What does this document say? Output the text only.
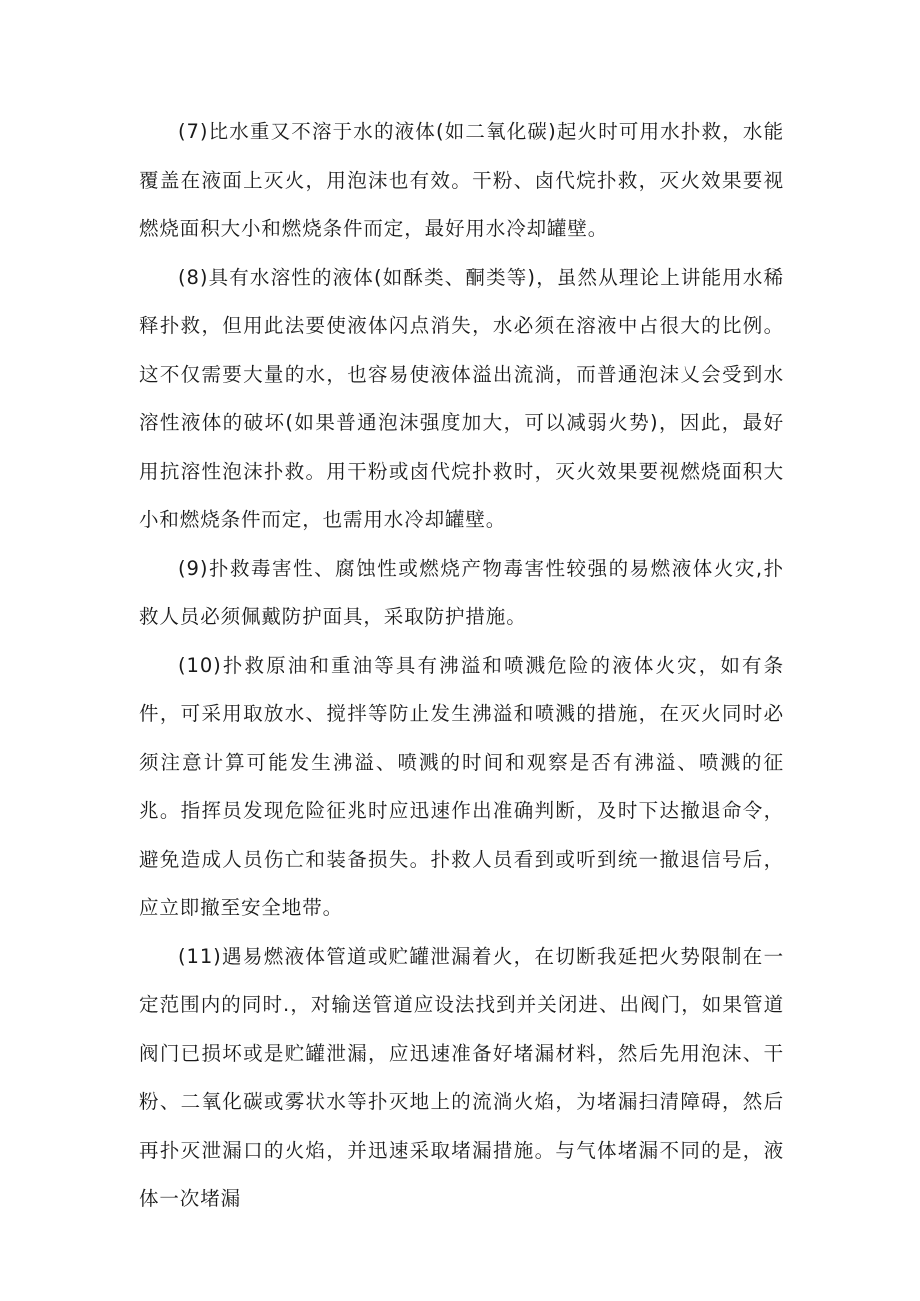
(7)比水重又不溶于水的液体(如二氧化碳)起火时可用水扑救，水能覆盖在液面上灭火，用泡沫也有效。干粉、卤代烷扑救，灭火效果要视燃烧面积大小和燃烧条件而定，最好用水冷却罐壁。

(8)具有水溶性的液体(如酥类、酮类等)，虽然从理论上讲能用水稀释扑救，但用此法要使液体闪点消失，水必须在溶液中占很大的比例。这不仅需要大量的水，也容易使液体溢出流淌，而普通泡沫乂会受到水溶性液体的破坏(如果普通泡沫强度加大，可以减弱火势)，因此，最好用抗溶性泡沫扑救。用干粉或卤代烷扑救时，灭火效果要视燃烧面积大小和燃烧条件而定，也需用水冷却罐壁。

(9)扑救毒害性、腐蚀性或燃烧产物毒害性较强的易燃液体火灾,扑救人员必须佩戴防护面具，采取防护措施。

(10)扑救原油和重油等具有沸溢和喷溅危险的液体火灾，如有条件，可采用取放水、搅拌等防止发生沸溢和喷溅的措施，在灭火同时必须注意计算可能发生沸溢、喷溅的时间和观察是否有沸溢、喷溅的征兆。指挥员发现危险征兆时应迅速作出准确判断，及时下达撤退命令，避免造成人员伤亡和装备损失。扑救人员看到或听到统一撤退信号后，应立即撤至安全地带。

(11)遇易燃液体管道或贮罐泄漏着火，在切断我延把火势限制在一定范围内的同时.，对输送管道应设法找到并关闭进、出阀门，如果管道阀门已损坏或是贮罐泄漏，应迅速准备好堵漏材料，然后先用泡沫、干粉、二氧化碳或雾状水等扑灭地上的流淌火焰，为堵漏扫清障碍，然后再扑灭泄漏口的火焰，并迅速采取堵漏措施。与气体堵漏不同的是，液体一次堵漏
